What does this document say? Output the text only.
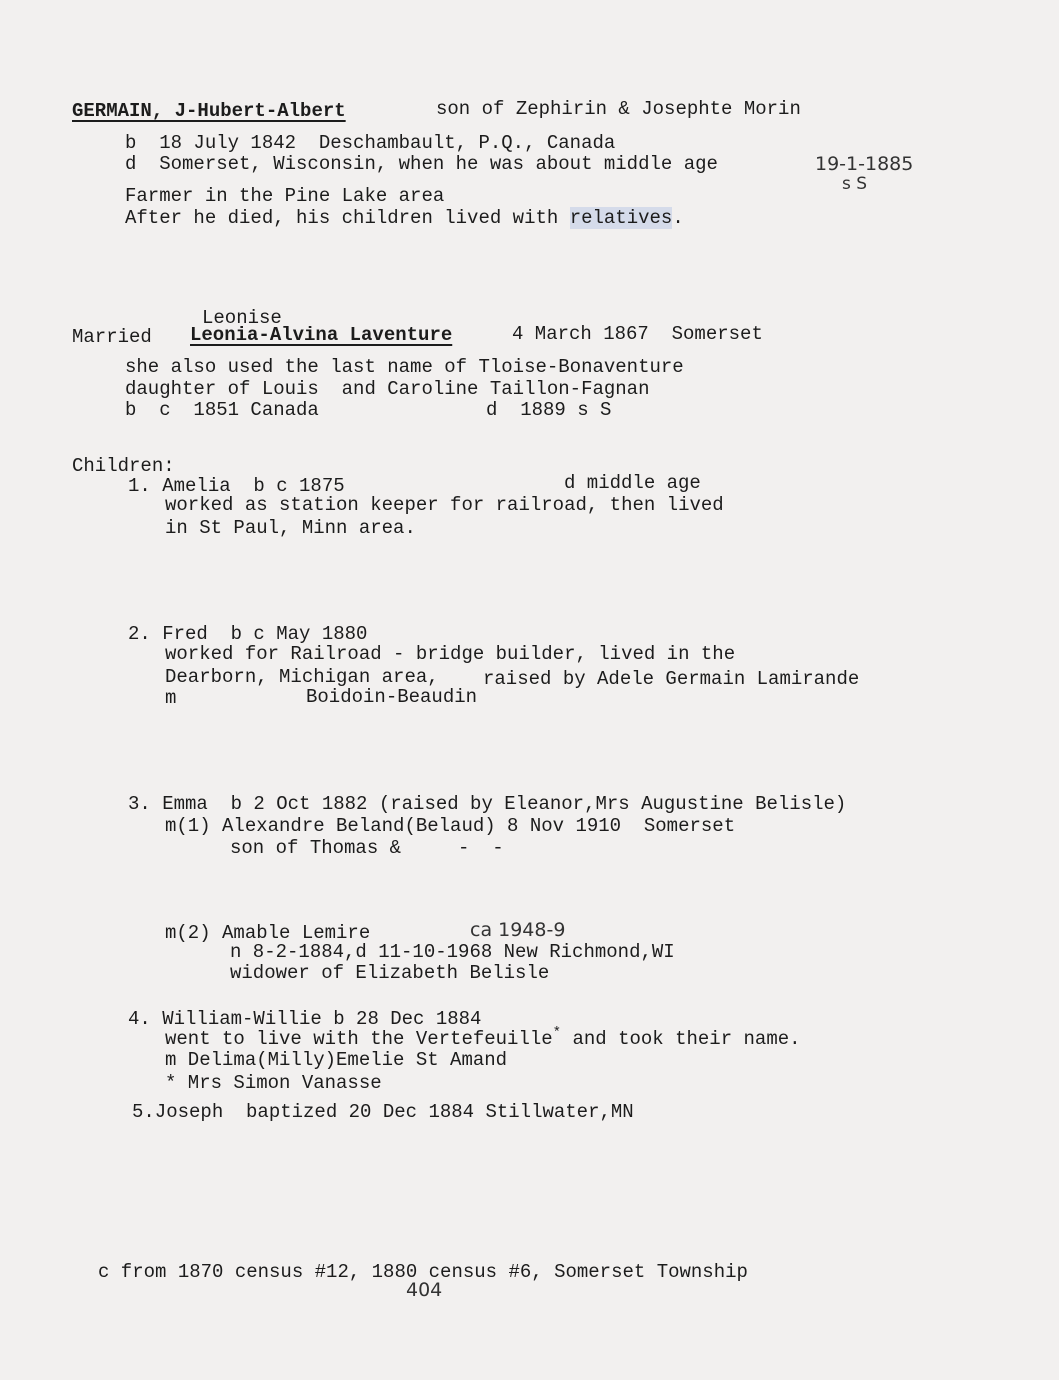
GERMAIN, J-Hubert-Albert	son of Zephirin & Josephte Morin
b  18 July 1842  Deschambault, P.Q., Canada
d  Somerset, Wisconsin, when he was about middle age	19-1-1885
s S
Farmer in the Pine Lake area
After he died, his children lived with relatives.
Leonise
Married Leonia-Alvina Laventure	4 March 1867  Somerset
she also used the last name of Tloise-Bonaventure
daughter of Louis  and Caroline Taillon-Fagnan
b  c  1851 Canada	d  1889 s S
Children:
1. Amelia  b c 1875	d middle age
worked as station keeper for railroad, then lived
in St Paul, Minn area.
2. Fred  b c May 1880
worked for Railroad - bridge builder, lived in the
Dearborn, Michigan area, raised by Adele Germain Lamirande
m	Boidoin-Beaudin
3. Emma  b 2 Oct 1882 (raised by Eleanor,Mrs Augustine Belisle)
m(1) Alexandre Beland(Belaud) 8 Nov 1910  Somerset
son of Thomas &     -  -
m(2) Amable Lemire	ca 1948-9
n 8-2-1884,d 11-10-1968 New Richmond,WI
widower of Elizabeth Belisle
4. William-Willie b 28 Dec 1884
went to live with the Vertefeuille* and took their name.
m Delima(Milly)Emelie St Amand
* Mrs Simon Vanasse
5.Joseph  baptized 20 Dec 1884 Stillwater,MN
c from 1870 census #12, 1880 census #6, Somerset Township
404
